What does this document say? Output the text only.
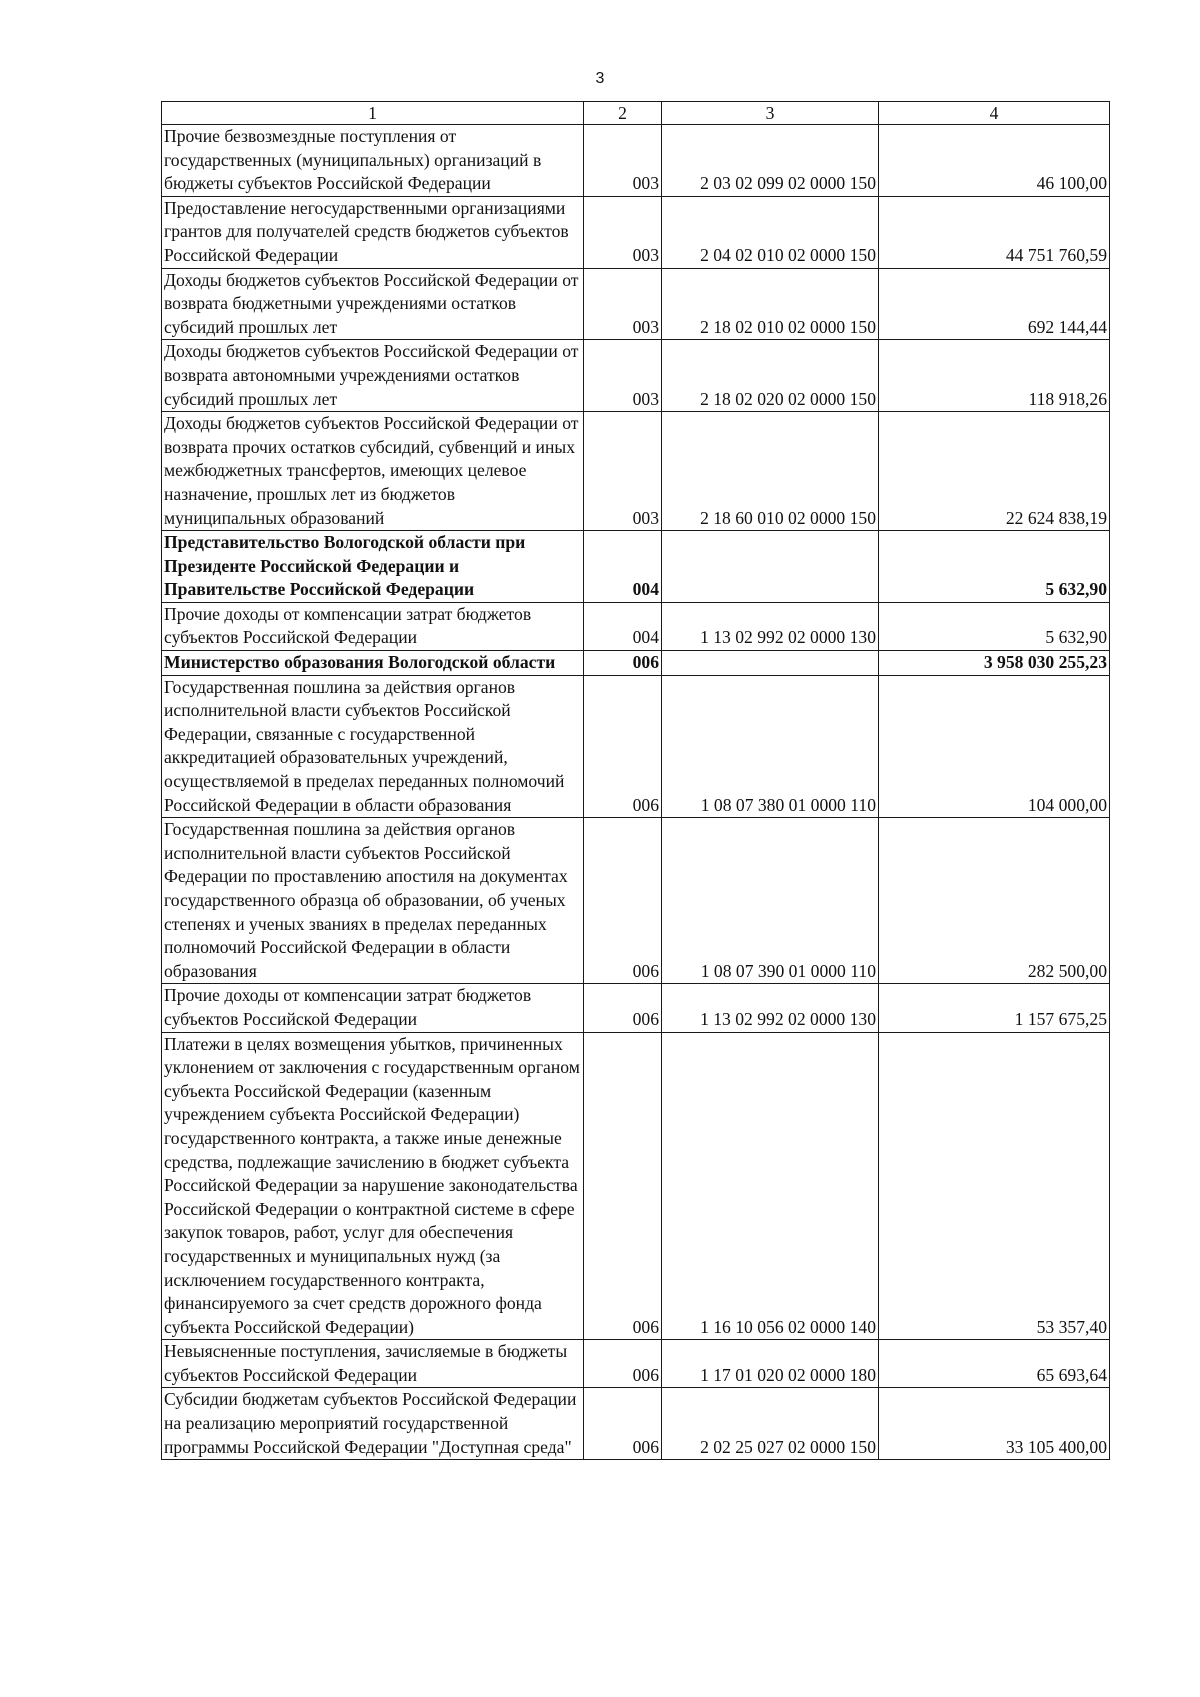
3
1	2	3	4
Прочие безвозмездные поступления от государственных (муниципальных) организаций в бюджеты субъектов Российской Федерации	003	2 03 02 099 02 0000 150	46 100,00
Предоставление негосударственными организациями грантов для получателей средств бюджетов субъектов Российской Федерации	003	2 04 02 010 02 0000 150	44 751 760,59
Доходы бюджетов субъектов Российской Федерации от возврата бюджетными учреждениями остатков субсидий прошлых лет	003	2 18 02 010 02 0000 150	692 144,44
Доходы бюджетов субъектов Российской Федерации от возврата автономными учреждениями остатков субсидий прошлых лет	003	2 18 02 020 02 0000 150	118 918,26
Доходы бюджетов субъектов Российской Федерации от возврата прочих остатков субсидий, субвенций и иных межбюджетных трансфертов, имеющих целевое назначение, прошлых лет из бюджетов муниципальных образований	003	2 18 60 010 02 0000 150	22 624 838,19
Представительство Вологодской области при Президенте Российской Федерации и Правительстве Российской Федерации	004		5 632,90
Прочие доходы от компенсации затрат бюджетов субъектов Российской Федерации	004	1 13 02 992 02 0000 130	5 632,90
Министерство образования Вологодской области	006		3 958 030 255,23
Государственная пошлина за действия органов исполнительной власти субъектов Российской Федерации, связанные с государственной аккредитацией образовательных учреждений, осуществляемой в пределах переданных полномочий Российской Федерации в области образования	006	1 08 07 380 01 0000 110	104 000,00
Государственная пошлина за действия органов исполнительной власти субъектов Российской Федерации по проставлению апостиля на документах государственного образца об образовании, об ученых степенях и ученых званиях в пределах переданных полномочий Российской Федерации в области образования	006	1 08 07 390 01 0000 110	282 500,00
Прочие доходы от компенсации затрат бюджетов субъектов Российской Федерации	006	1 13 02 992 02 0000 130	1 157 675,25
Платежи в целях возмещения убытков, причиненных уклонением от заключения с государственным органом субъекта Российской Федерации (казенным учреждением субъекта Российской Федерации) государственного контракта, а также иные денежные средства, подлежащие зачислению в бюджет субъекта Российской Федерации за нарушение законодательства Российской Федерации о контрактной системе в сфере закупок товаров, работ, услуг для обеспечения государственных и муниципальных нужд (за исключением государственного контракта, финансируемого за счет средств дорожного фонда субъекта Российской Федерации)	006	1 16 10 056 02 0000 140	53 357,40
Невыясненные поступления, зачисляемые в бюджеты субъектов Российской Федерации	006	1 17 01 020 02 0000 180	65 693,64
Субсидии бюджетам субъектов Российской Федерации на реализацию мероприятий государственной программы Российской Федерации "Доступная среда"	006	2 02 25 027 02 0000 150	33 105 400,00
